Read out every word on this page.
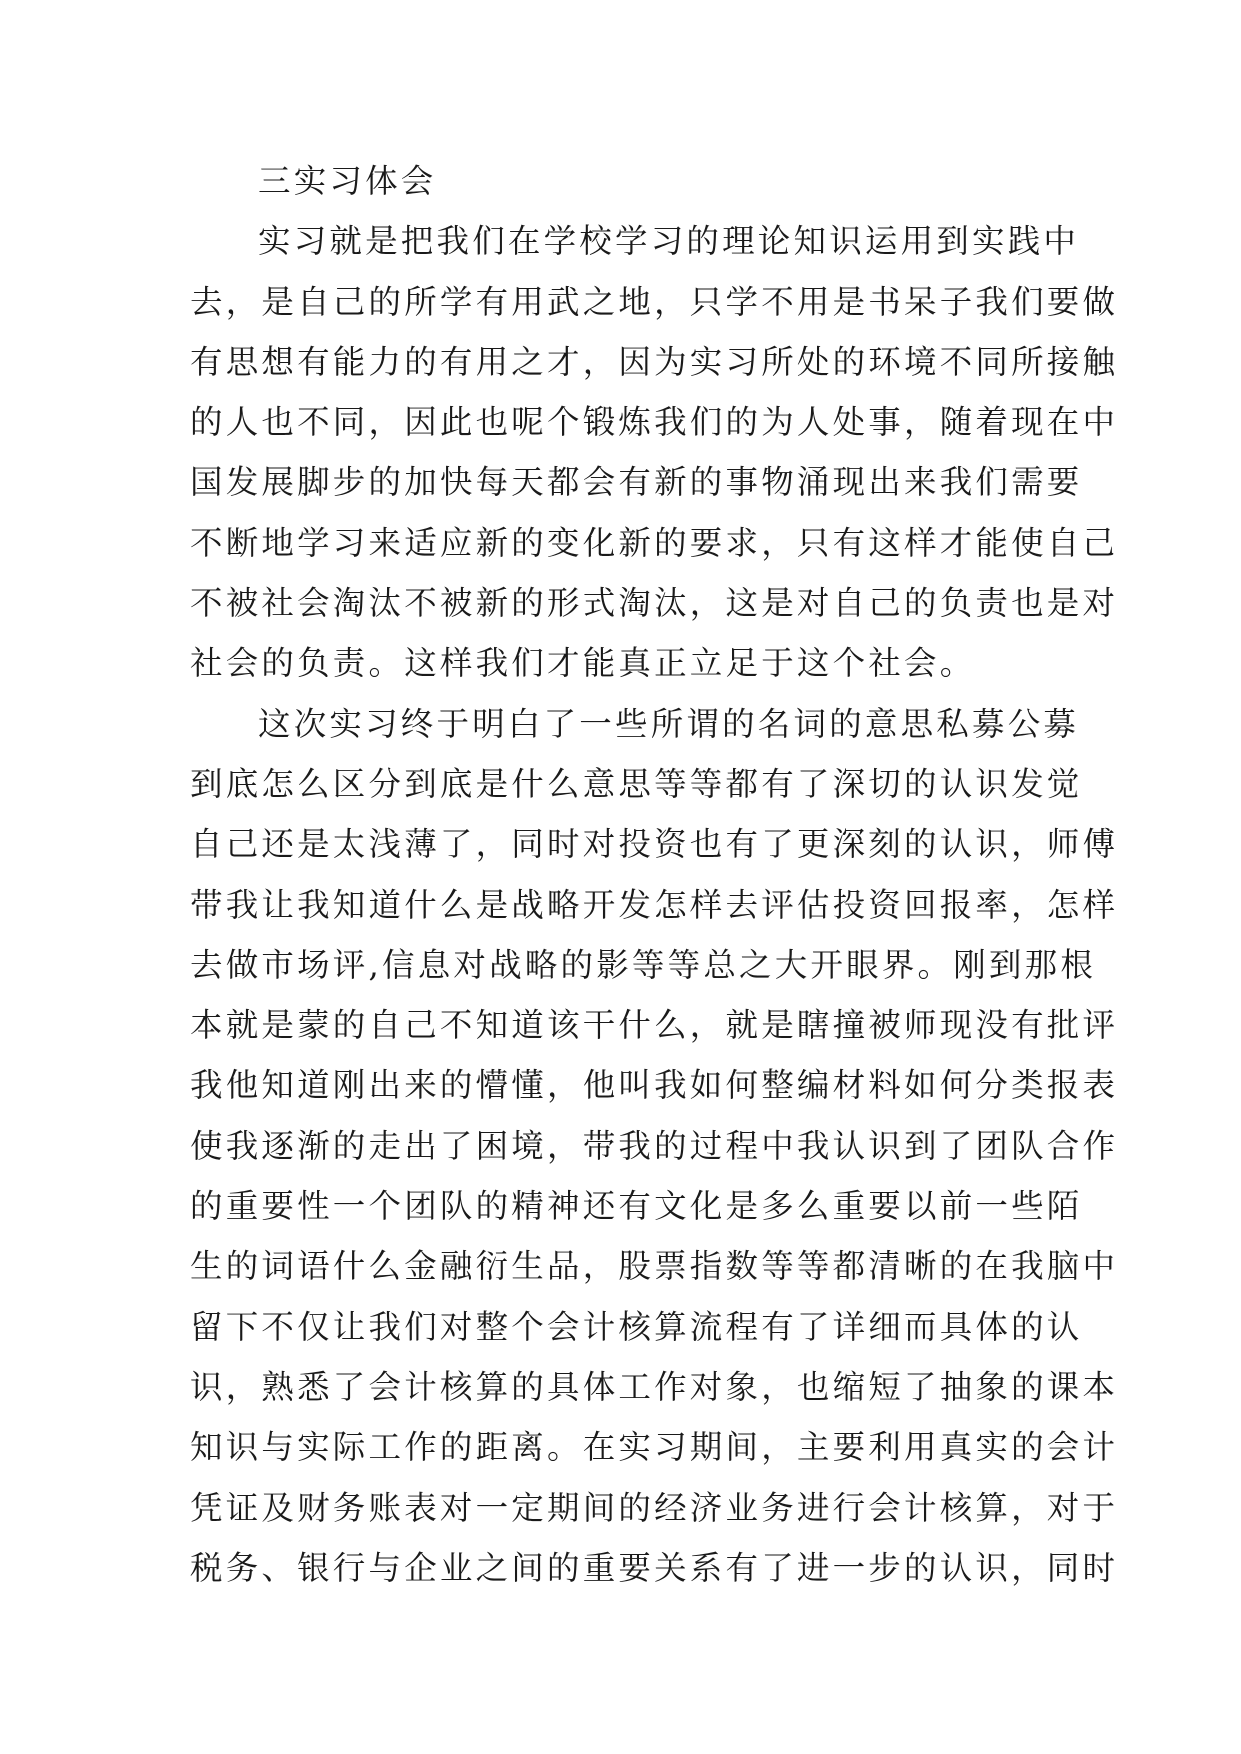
三实习体会
实习就是把我们在学校学习的理论知识运用到实践中
去，是自己的所学有用武之地，只学不用是书呆子我们要做
有思想有能力的有用之才，因为实习所处的环境不同所接触
的人也不同，因此也呢个锻炼我们的为人处事，随着现在中
国发展脚步的加快每天都会有新的事物涌现出来我们需要
不断地学习来适应新的变化新的要求，只有这样才能使自己
不被社会淘汰不被新的形式淘汰，这是对自己的负责也是对
社会的负责。这样我们才能真正立足于这个社会。
这次实习终于明白了一些所谓的名词的意思私募公募
到底怎么区分到底是什么意思等等都有了深切的认识发觉
自己还是太浅薄了，同时对投资也有了更深刻的认识，师傅
带我让我知道什么是战略开发怎样去评估投资回报率，怎样
去做市场评,信息对战略的影等等总之大开眼界。刚到那根
本就是蒙的自己不知道该干什么，就是瞎撞被师现没有批评
我他知道刚出来的懵懂，他叫我如何整编材料如何分类报表
使我逐渐的走出了困境，带我的过程中我认识到了团队合作
的重要性一个团队的精神还有文化是多么重要以前一些陌
生的词语什么金融衍生品，股票指数等等都清晰的在我脑中
留下不仅让我们对整个会计核算流程有了详细而具体的认
识，熟悉了会计核算的具体工作对象，也缩短了抽象的课本
知识与实际工作的距离。在实习期间，主要利用真实的会计
凭证及财务账表对一定期间的经济业务进行会计核算，对于
税务、银行与企业之间的重要关系有了进一步的认识，同时
